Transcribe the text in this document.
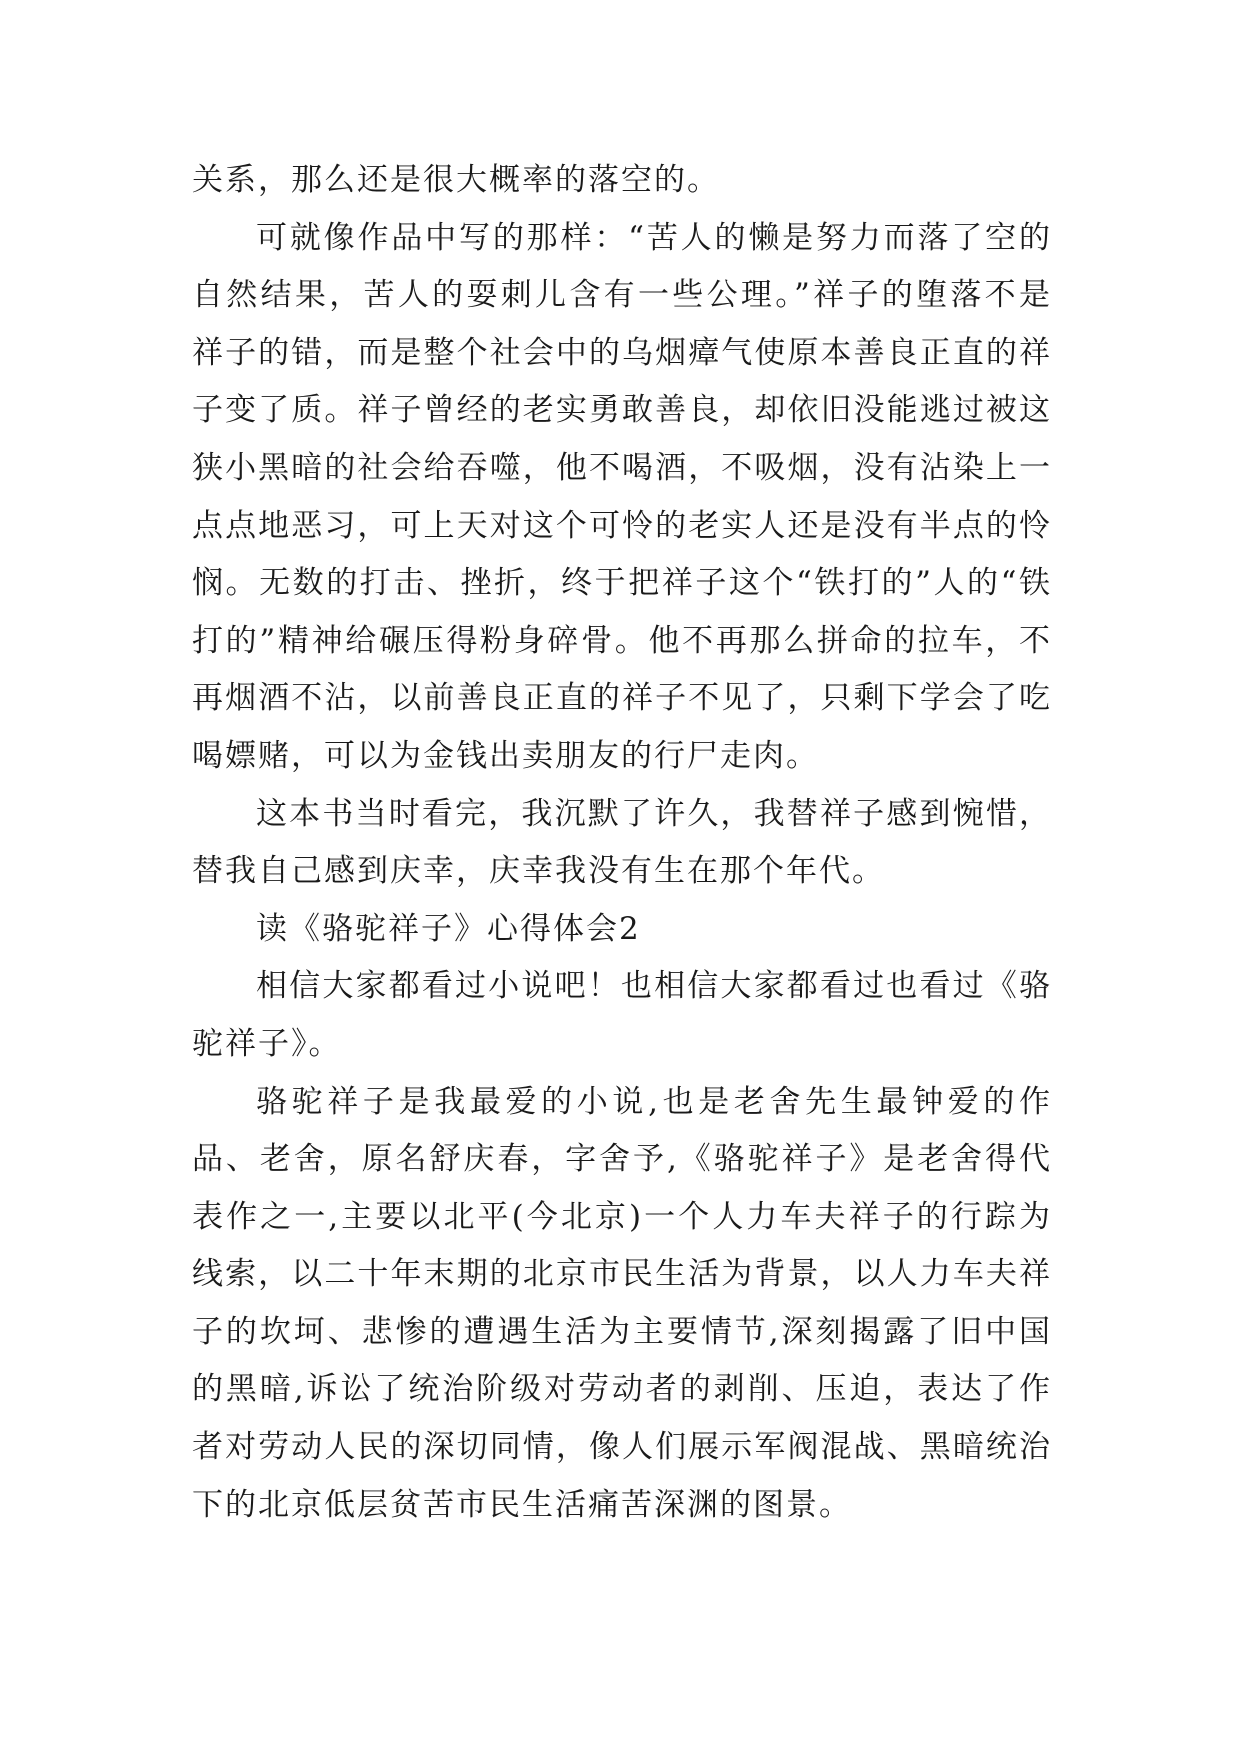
关系，那么还是很大概率的落空的。

可就像作品中写的那样：“苦人的懒是努力而落了空的自然结果，苦人的耍刺儿含有一些公理。”祥子的堕落不是祥子的错，而是整个社会中的乌烟瘴气使原本善良正直的祥子变了质。祥子曾经的老实勇敢善良，却依旧没能逃过被这狭小黑暗的社会给吞噬，他不喝酒，不吸烟，没有沾染上一点点地恶习，可上天对这个可怜的老实人还是没有半点的怜悯。无数的打击、挫折，终于把祥子这个“铁打的”人的“铁打的”精神给碾压得粉身碎骨。他不再那么拼命的拉车，不再烟酒不沾，以前善良正直的祥子不见了，只剩下学会了吃喝嫖赌，可以为金钱出卖朋友的行尸走肉。

这本书当时看完，我沉默了许久，我替祥子感到惋惜，替我自己感到庆幸，庆幸我没有生在那个年代。

读《骆驼祥子》心得体会2

相信大家都看过小说吧！也相信大家都看过也看过《骆驼祥子》。

骆驼祥子是我最爱的小说,也是老舍先生最钟爱的作品、老舍，原名舒庆春，字舍予,《骆驼祥子》是老舍得代表作之一,主要以北平(今北京)一个人力车夫祥子的行踪为线索，以二十年末期的北京市民生活为背景，以人力车夫祥子的坎坷、悲惨的遭遇生活为主要情节,深刻揭露了旧中国的黑暗,诉讼了统治阶级对劳动者的剥削、压迫，表达了作者对劳动人民的深切同情，像人们展示军阀混战、黑暗统治下的北京低层贫苦市民生活痛苦深渊的图景。
